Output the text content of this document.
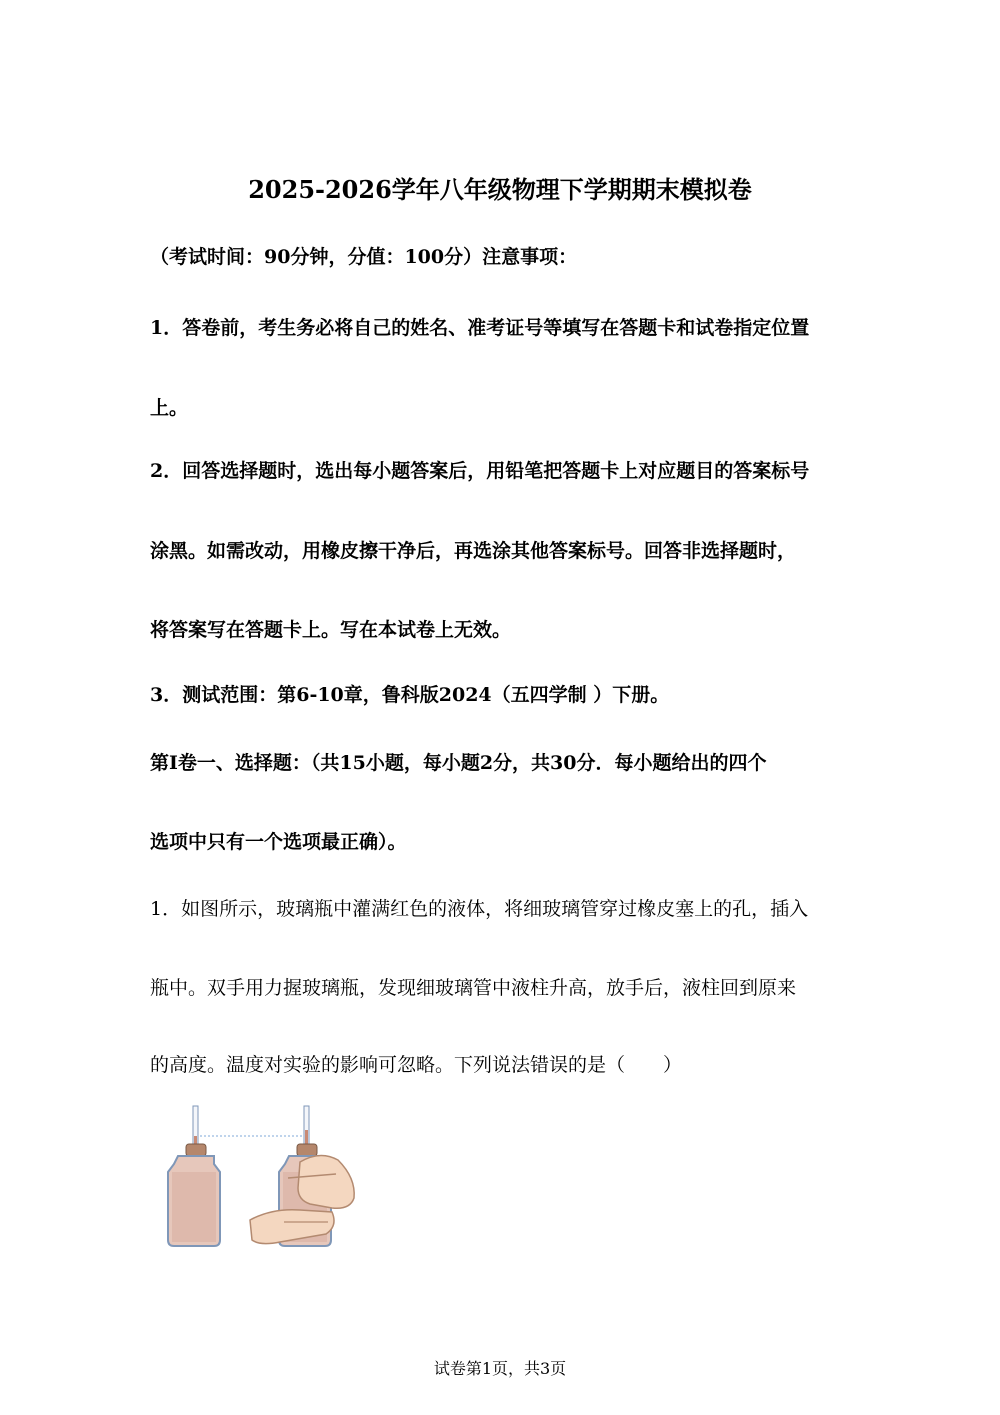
2025-2026学年八年级物理下学期期末模拟卷
（考试时间：90分钟，分值：100分）注意事项：
1．答卷前，考生务必将自己的姓名、准考证号等填写在答题卡和试卷指定位置
上。
2．回答选择题时，选出每小题答案后，用铅笔把答题卡上对应题目的答案标号
涂黑。如需改动，用橡皮擦干净后，再选涂其他答案标号。回答非选择题时，
将答案写在答题卡上。写在本试卷上无效。
3．测试范围：第6-10章，鲁科版2024（五四学制 ）下册。
第Ⅰ卷一、选择题：（共15小题，每小题2分，共30分．每小题给出的四个
选项中只有一个选项最正确）。
1．如图所示，玻璃瓶中灌满红色的液体，将细玻璃管穿过橡皮塞上的孔，插入
瓶中。双手用力握玻璃瓶，发现细玻璃管中液柱升高，放手后，液柱回到原来
的高度。温度对实验的影响可忽略。下列说法错误的是（　　）
试卷第1页，共3页
